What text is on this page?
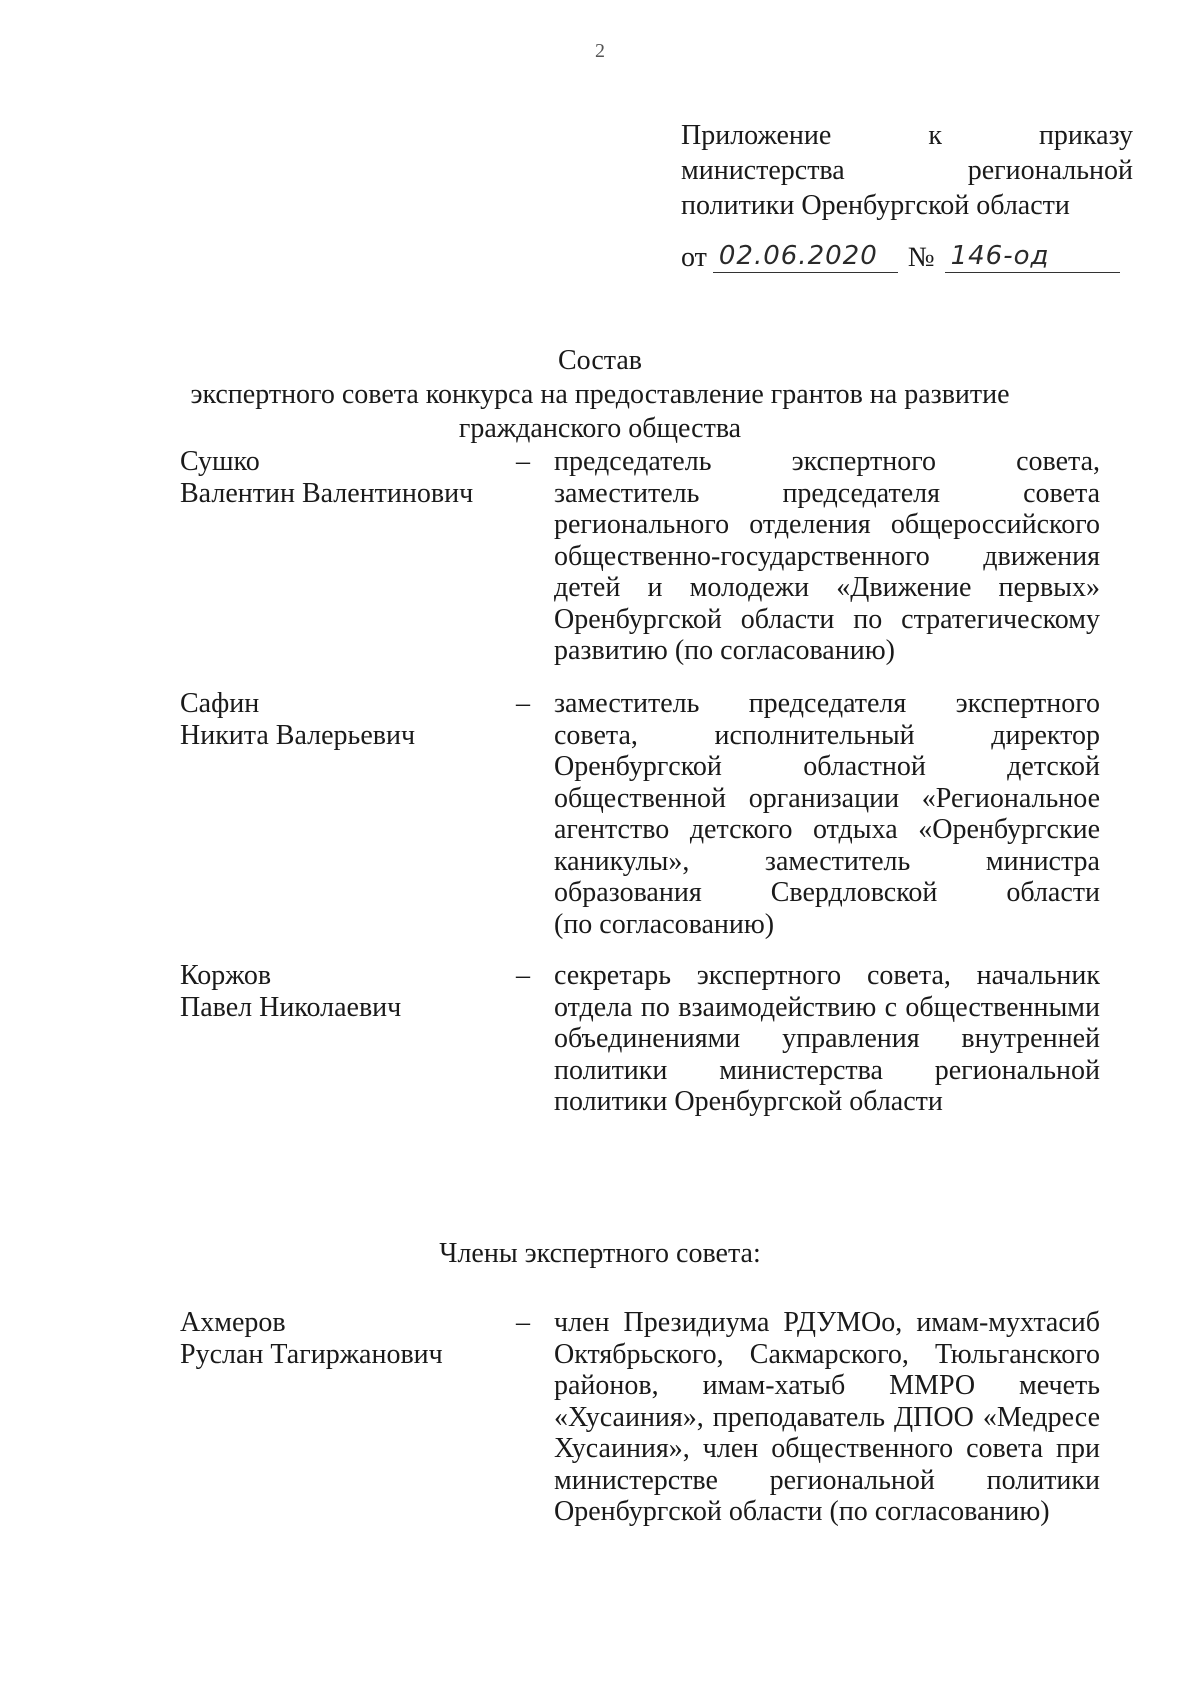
2
Приложение к приказу
министерства региональной
политики Оренбургской области
от 02.06.2020	№ 146-од
Состав
экспертного совета конкурса на предоставление грантов на развитие
гражданского общества
Сушко
Валентин Валентинович
– председатель экспертного совета,
заместитель председателя совета
регионального отделения общероссийского
общественно-государственного движения
детей и молодежи «Движение первых»
Оренбургской области по стратегическому
развитию (по согласованию)
Сафин
Никита Валерьевич
– заместитель председателя экспертного
совета, исполнительный директор
Оренбургской областной детской
общественной организации «Региональное
агентство детского отдыха «Оренбургские
каникулы», заместитель министра
образования Свердловской области
(по согласованию)
Коржов
Павел Николаевич
– секретарь экспертного совета, начальник
отдела по взаимодействию с общественными
объединениями управления внутренней
политики министерства региональной
политики Оренбургской области
Члены экспертного совета:
Ахмеров
Руслан Тагиржанович
– член Президиума РДУМОо, имам-мухтасиб
Октябрьского, Сакмарского, Тюльганского
районов, имам-хатыб ММРО мечеть
«Хусаиния», преподаватель ДПОО «Медресе
Хусаиния», член общественного совета при
министерстве региональной политики
Оренбургской области (по согласованию)
